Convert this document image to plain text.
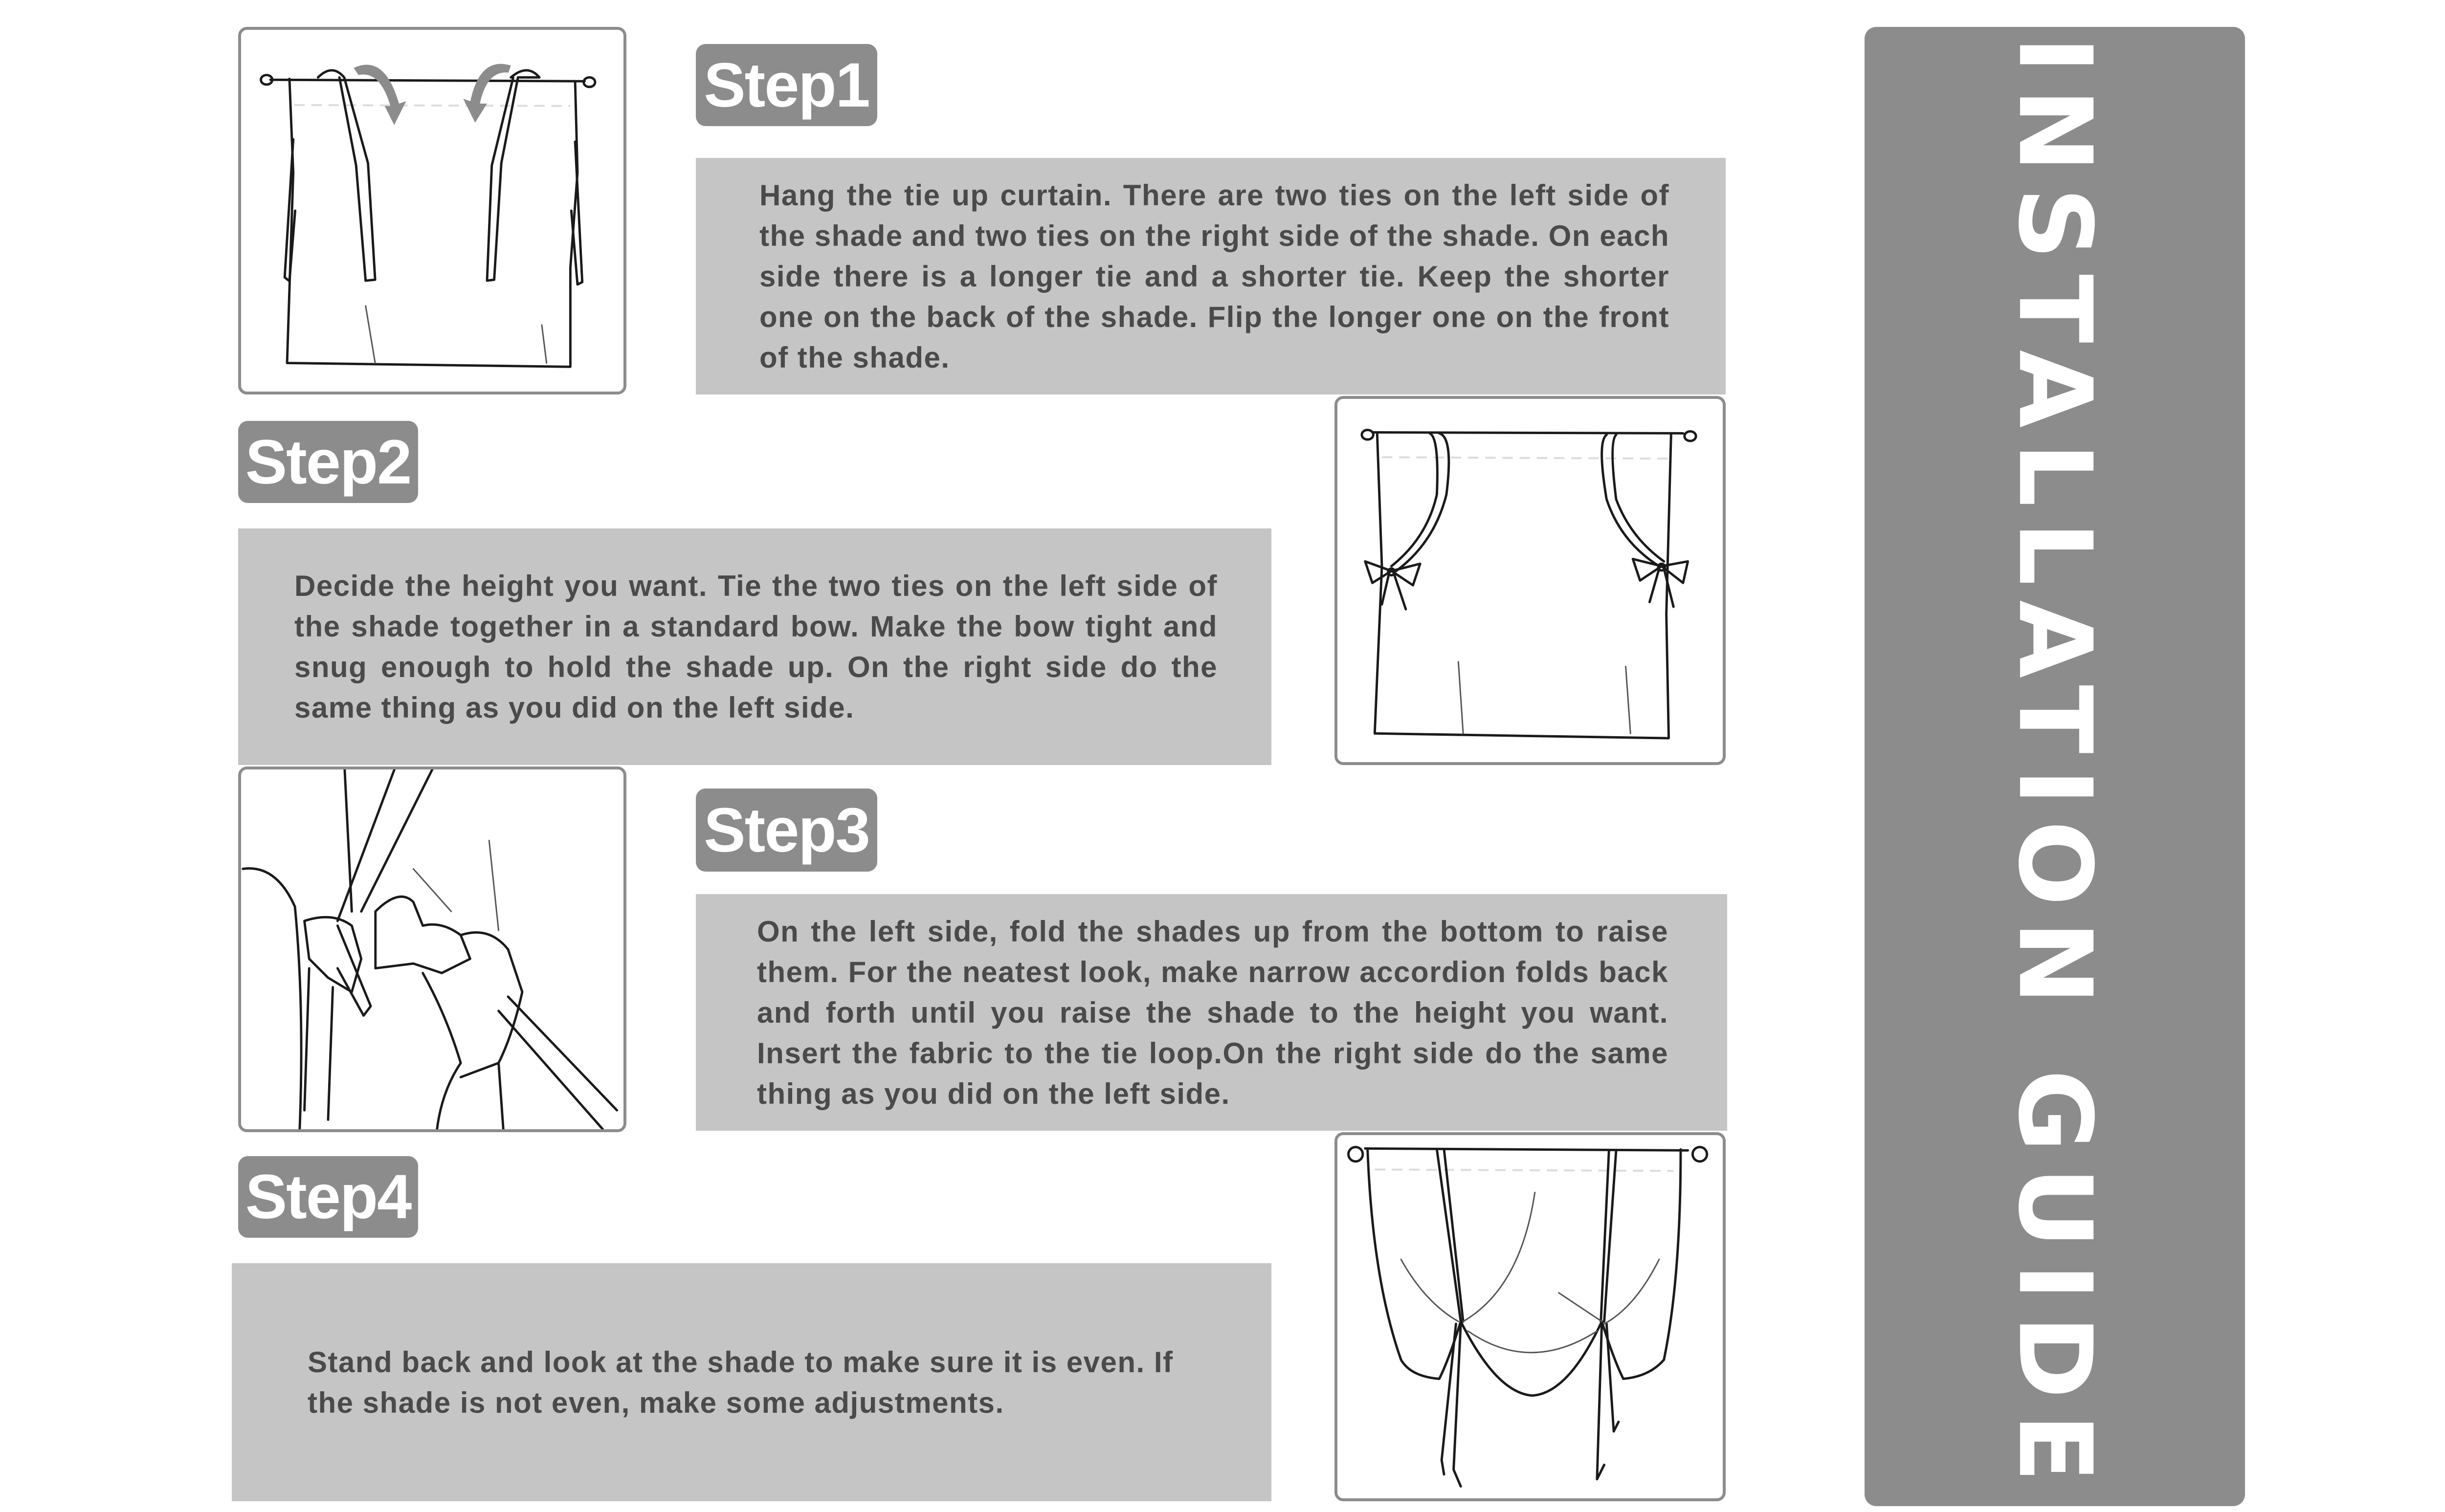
Step1

Hang the tie up curtain. There are two ties on the left side of the shade and two ties on the right side of the shade. On each side there is a longer tie and a shorter tie. Keep the shorter one on the back of the shade. Flip the longer one on the front of the shade.

Step2

Decide the height you want. Tie the two ties on the left side of the shade together in a standard bow. Make the bow tight and snug enough to hold the shade up. On the right side do the same thing as you did on the left side.

Step3

On the left side, fold the shades up from the bottom to raise them. For the neatest look, make narrow accordion folds back and forth until you raise the shade to the height you want. Insert the fabric to the tie loop.On the right side do the same thing as you did on the left side.

Step4

Stand back and look at the shade to make sure it is even. If the shade is not even, make some adjustments.	INSTALLATION GUIDE
